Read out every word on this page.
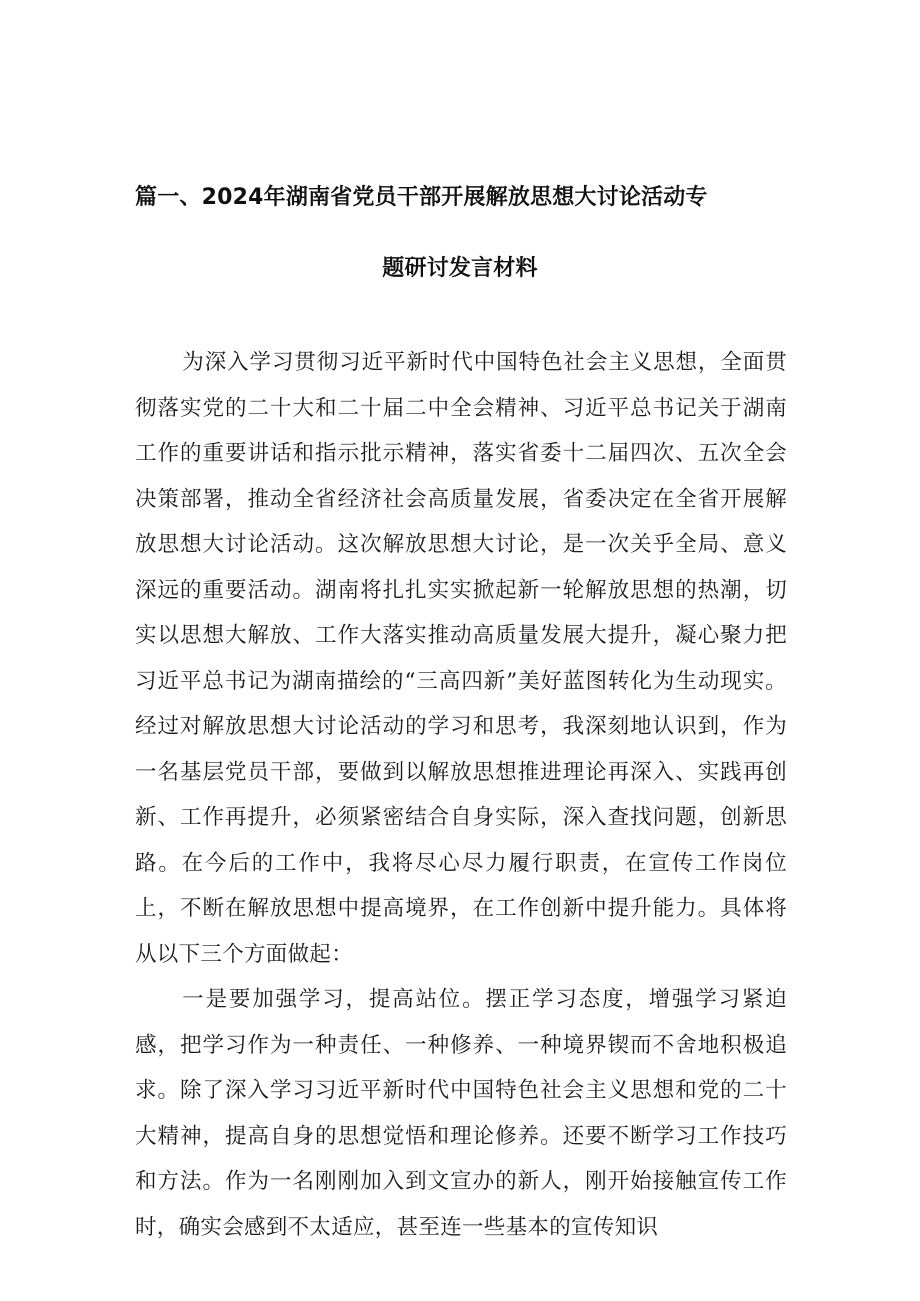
篇一、2024年湖南省党员干部开展解放思想大讨论活动专
题研讨发言材料

为深入学习贯彻习近平新时代中国特色社会主义思想，全面贯彻落实党的二十大和二十届二中全会精神、习近平总书记关于湖南工作的重要讲话和指示批示精神，落实省委十二届四次、五次全会决策部署，推动全省经济社会高质量发展，省委决定在全省开展解放思想大讨论活动。这次解放思想大讨论，是一次关乎全局、意义深远的重要活动。湖南将扎扎实实掀起新一轮解放思想的热潮，切实以思想大解放、工作大落实推动高质量发展大提升，凝心聚力把习近平总书记为湖南描绘的“三高四新”美好蓝图转化为生动现实。经过对解放思想大讨论活动的学习和思考，我深刻地认识到，作为一名基层党员干部，要做到以解放思想推进理论再深入、实践再创新、工作再提升，必须紧密结合自身实际，深入查找问题，创新思路。在今后的工作中，我将尽心尽力履行职责，在宣传工作岗位上，不断在解放思想中提高境界，在工作创新中提升能力。具体将从以下三个方面做起：

一是要加强学习，提高站位。摆正学习态度，增强学习紧迫感，把学习作为一种责任、一种修养、一种境界锲而不舍地积极追求。除了深入学习习近平新时代中国特色社会主义思想和党的二十大精神，提高自身的思想觉悟和理论修养。还要不断学习工作技巧和方法。作为一名刚刚加入到文宣办的新人，刚开始接触宣传工作时，确实会感到不太适应，甚至连一些基本的宣传知识
